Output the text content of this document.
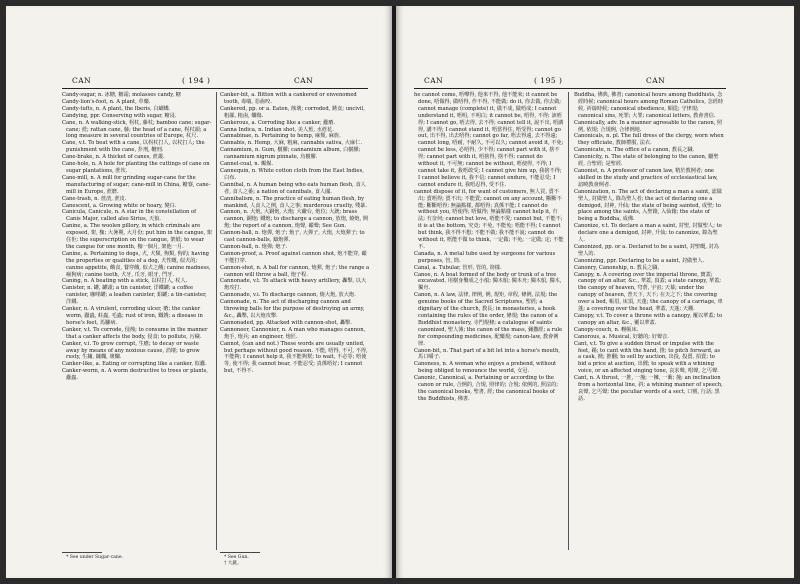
CAN	( 194 )	CAN

Candy-sugar, n. 冰糖, 糖霜; molasses candy, 糖

Candy-lion's-foot, n. A plant, 草藥.

Candy-tufts, n. A plant, the Iberis, 白蝴蝶.

Candying, ppr. Conserving with sugar, 糖浸.

Cane, n. A walking-stick, 柺杖, 藤杖; bamboo cane; sugar-cane; 蔗; rattan cane, 藤; the head of a cane, 柺杖頭; a long measure in several countries of Europe, 杖尺.

Cane, v.t. To beat with a cane, 以柺杖打人, 以杖打人; the punishment with the cane, 扑刑, 鞭刑.

Cane-brake, n. A thicket of canes, 蔗叢.

Cane-hole, n. A hole for planting the cuttings of cane on sugar plantations, 蔗坎.

Cane-mill, n. A mill for grinding sugar-cane for the manufacturing of sugar; cane-mill in China, 糖寮, cane-mill in Europe, 蔗磨.

Cane-trash, n. 蔗渣, 蔗皮.

Canescent, a. Growing white or hoary, 變白.

Canicula, Canicule, n. A star in the constellation of Canis Major, called also Sirius, 天狼.

Canine, a. The woolen pillory, in which criminals are exposed, 架, 枷; 大暑期, 大月份; put him in the cangue, 架住佢; the superscription on the cangue, 架紙; to wear the cangue for one month, 枷一個月, 架他一月.

Canine, a. Pertaining to dogs, 犬, 犬類, 狗類, 狗的; having the properties or qualities of a dog, 犬性嘅, 似犬的; canine appetite, 餓食, 餐穿餓, 似犬之餓; canine madness, 瘋狗病; canine teeth, 犬牙, 爪牙, 眼牙, 門牙.

Caning, n. A beating with a stick, 以杖打人, 杖人.

Canister, n. 罐, 罐頭; a tin canister, 洋鐵罐; a coffee canister, 咖啡罐; a leaden canister, 鉛罐; a tin-canister, 洋鐵.

Canker, n. A virulent, corroding ulcer, 瘡; the canker worm, 蠹蟲, 蛀蟲, 毛蟲; rust of iron, 鐵銹; a disease in horse's feet, 馬腳病.

Canker, v.t. To corrode, 侵蝕; to consume in the manner that a canker affects the body, 侵食; to pollute, 污穢.

Canker, v.i. To grow corrupt, 生瘡; to decay or waste away by means of any noxious cause, 消壞; to grow rusty, 生鏽, 鏽爛, 壞爛.

Canker-like, a. Eating or corrupting like a canker, 似蠹.

Canker-worm, n. A worm destructive to trees or plants, 蠹蟲.

Canker-bit, a. Bitten with a cankered or envenomed tooth, 毒嚙, 惡齒咬.

Cankered, pp. or a. Eaten, 蝕壞; corroded, 銹食; uncivil, 粗鄙, 粗鹵, 爛傷.

Cankerous, a. Corroding like a canker, 蠹瘡.

Canna Indica, n. Indian shot, 美人蕉, 水蔗花.

Cannabinae, n. Pertaining to hemp, 麻類, 麻族.

Cannabis, n. Hemp, 大麻, 粗麻, cannabis sativa, 大麻仁.

Cannamium, n. Gum, 樹膠; cannamium album, 白樹膠; cannamium nigrum pinnate, 烏樹膠.

Cannel-coal, n. 燭煤.

Cannequin, n. White cotton cloth from the East Indies, 白布.

Cannibal, n. A human being who eats human flesh, 食人者, 食人之番; a nation of cannibals, 食人國.

Cannibalism, n. The practice of eating human flesh, by mankind, 人食人之例, 食人之事; murderous cruelty, 殘暴.

Cannon, n. 大炮, 大銅炮, 大炮; 大礮台, 炮位; 大銃; brass cannon, 銅炮; 鐵炮; to discharge a cannon, 放炮, 燒炮, 開炮; the report of a cannon, 炮聲, 礟聲; See Gun.

Cannon-ball, n. 炮彈, 炮子; 炮子, 大彈子, 大炮, 大炮彈子; to cast cannon-balls, 鑄炮彈.

Cannon-ball, n. 炮彈; 炮子.

Cannon-proof, a. Proof against cannon shot, 炮不能穿, 礟不能打穿.

Cannon-shot, n. A ball for cannon, 炮彈, 炮子; the range a cannon will throw a ball, 炮子程.

Cannonade, v.t. To attack with heavy artillery, 轟擊, 以大炮攻打.

Cannonade, v.i. To discharge cannon, 燒大炮, 放大炮.

Cannonade, n. The act of discharging cannon and throwing balls for the purpose of destroying an army, &c., 轟擊, 以大炮攻擊.

Cannonaded, pp. Attacked with cannon-shot, 轟擊.

Cannoneer, Cannonier, n. A man who manages cannon, 炮手, 炮兵; an engineer, 炮匠.

Cannot, (can and not.) These words are usually united, but perhaps without good reason. 不能, 唔得, 不可, 不得, 不能夠; I cannot help it, 我不能夠幫; to wait, 不必等; 唔使等, 使不得; 我 cannot bear, 不能忍受; 真係唔好; I cannot but, 不得不.

* See under Sugar-cane.	* See Gun.
† 大銃。
CAN	( 195 )	CAN

he cannot come, 唔嚟得, 他來不得, 他不能來; it cannot be done, 唔做得, 做唔得, 作不得, 不能做; do it, 你去做, 你去做; cannot manage (complete) it, 做不成, 做唔成; I cannot understand it, 唔明, 不明白; it cannot be, 唔得, 不得; 該唔得; I cannot go, 唔去得, 去不得; cannot tell it, 說不出, 唔講得, 講不得; I cannot stand it, 唔當得住, 唔受得; cannot go out, 出不得, 出去唔得; cannot go far, 唔去得遠, 去不得遠; cannot long, 唔耐, 不耐久, 不可以久; cannot avoid it, 不免; cannot be less, 必唔得, 少不得; cannot part with it, 捨不得; cannot part with it, 唔捨得, 捨不得; cannot do without it, 不可無; cannot be without, 唔使得, 不得; I cannot take it, 我唔敢受; I cannot give him up, 我捨不得; I cannot believe it, 我不信; cannot endure, 不能忍受; I cannot endure it, 我唔忍得, 受不住.

cannot dispose of it, for want of customers, 無人買, 賣不出; 賣唔得; 賣不出; 不能賣; cannot on any account, 斷斷不能; 斷斷唔得; 無論點樣, 都唔得; 真係不能; I cannot do without you, 唔使得; 唔做得; 無論點樣 cannot help it, 冇法; 冇奈何; cannot but love, 唔能不愛; cannot but, 不能不; it is at the bottom, 究竟; 不免, 不能免; 唔能不得; I cannot but think, 我不得不想; 不能不做; 我不能不說; cannot do without it, 唔能不做 to think, 一定做; 不免; 一定做; 定; 不能不.

Canada, n. A metal tube used by surgeons for various purposes, 管, 筒.

Canal, a. Tubular, 管形, 管的, 筒樣.

Canoe, n. A boat formed of the body or trunk of a tree excavated, 用樹身鑿成之小船; 獨木船; 獨木舟; 獨木船, 獨木, 獨舟.

Canon, n. A law, 法律, 律例, 例, 規矩, 章程, 條例, 法規; the genuine books of the Sacred Scriptures, 聖經; a dignitary of the church, 教長; in monasteries, a book containing the rules of the order, 條規; the canon of a Buddhist monastery, 寺門規條; a catalogue of saints canonized, 聖人簿; the canon of the mass, 彌撒經; a rule for compounding medicines, 配藥規; canon-law, 教會例律.

Canon-bit, n. That part of a bit let into a horse's mouth, 馬口嚼子.

Canoness, n. A woman who enjoys a prebend, without being obliged to renounce the world, 女冠.

Canonic, Canonical, a. Pertaining or according to the canon or rule, 合例的, 合規, 照律的; 合規; 依例的, 照法的; the canonical books, 聖書, 經; the canonical books of the Buddhists, 佛書.

Buddha, 佛典, 佛書; canonical hours among Buddhists, 念經時候; canonical hours among Roman Catholics, 念經時候, 祈禱時候; canonical obedience, 順從; 守律規; canonical sins, 死罪; 大罪; canonical letters, 教會書信.

Canonically, adv. In a manner agreeable to the canon, 照例, 依規; 合規例, 合律例地.

Canonicals, n. pl. The full dress of the clergy, worn when they officiate, 教師禮服, 法衣.

Canonicate, n. The office of a canon, 教長之職.

Canonicity, n. The state of belonging to the canon, 屬聖經, 合聖經; 是聖經.

Canonist, n. A professor of canon law, 精於教例者; one skilled in the study and practice of ecclesiastical law, 諳曉教會例者.

Canonization, n. The act of declaring a man a saint, 認做聖人, 封做聖人, 錄為聖人者; the act of declaring one a demigod, 封神, 升仙; the state of being sainted, 成聖; to place among the saints, 入聖籍, 入仙籍; the state of being a Buddha, 成佛.

Canonize, v.t. To declare a man a saint, 封聖, 封做聖人; to declare one a demigod, 封神, 升仙; to canonize, 錄為聖人.

Canonized, pp. or a. Declared to be a saint, 封聖嘅, 封為聖人的.

Canonizing, ppr. Declaring to be a saint, 封做聖人.

Canonry, Canonship, n. 教長之職.

Canopy, n. A covering over the imperial throne, 寶蓋; canopy of an altar, &c., 華蓋, 頂蓋; a state canopy, 華蓋; the canopy of heaven, 穹蒼, 宇宙; 天幕; under the canopy of heaven, 普天下, 天下; 在天之下; the covering over a bed, 帳眉, 床頂, 天蓬; the canopy of a carriage, 車蓬; a covering over the head, 華蓋, 天蓬; 天棚.

Canopy, v.t. To cover a throne with a canopy, 覆以華蓋; to canopy an altar, &c., 覆以華蓋.

Canopy-couch, n. 幔帳床.

Canorous, a. Musical, 好聽的; 好聲音.

Cant, v.t. To give a sudden thrust or impulse with the feet, 踢; to cant with the hand, 推; to pitch forward, as a cask, 掀; 推翻; to sell by auction, 出投, 投賣, 拍賣; to bid a price at auction, 出價; to speak with a whining voice, or an affected singing tone, 哀求聲, 唱聲, 乞丐聲.

Cant, n. A thrust, 一推, 一撞; 一擁, 一衝; 撞; an inclination from a horizontal line, 斜; a whining manner of speech, 哀聲, 乞丐聲; the peculiar words of a sect, 口號, 行話; 黑話.
